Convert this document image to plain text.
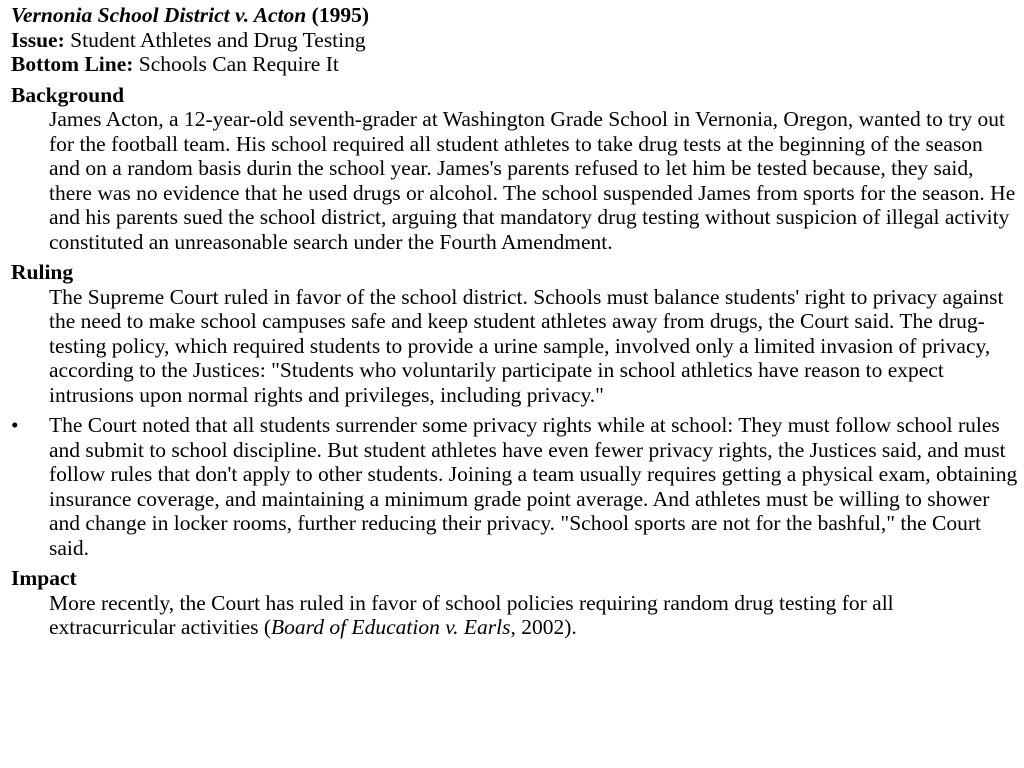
Vernonia School District v. Acton (1995)

Issue: Student Athletes and Drug Testing

Bottom Line: Schools Can Require It

Background

James Acton, a 12-year-old seventh-grader at Washington Grade School in Vernonia, Oregon, wanted to try out for the football team. His school required all student athletes to take drug tests at the beginning of the season and on a random basis durin the school year. James's parents refused to let him be tested because, they said, there was no evidence that he used drugs or alcohol. The school suspended James from sports for the season. He and his parents sued the school district, arguing that mandatory drug testing without suspicion of illegal activity constituted an unreasonable search under the Fourth Amendment.

Ruling

The Supreme Court ruled in favor of the school district. Schools must balance students' right to privacy against the need to make school campuses safe and keep student athletes away from drugs, the Court said. The drug-testing policy, which required students to provide a urine sample, involved only a limited invasion of privacy, according to the Justices: "Students who voluntarily participate in school athletics have reason to expect intrusions upon normal rights and privileges, including privacy."

•	The Court noted that all students surrender some privacy rights while at school: They must follow school rules and submit to school discipline. But student athletes have even fewer privacy rights, the Justices said, and must follow rules that don't apply to other students. Joining a team usually requires getting a physical exam, obtaining insurance coverage, and maintaining a minimum grade point average. And athletes must be willing to shower and change in locker rooms, further reducing their privacy. "School sports are not for the bashful," the Court said.

Impact

More recently, the Court has ruled in favor of school policies requiring random drug testing for all extracurricular activities (Board of Education v. Earls, 2002).
